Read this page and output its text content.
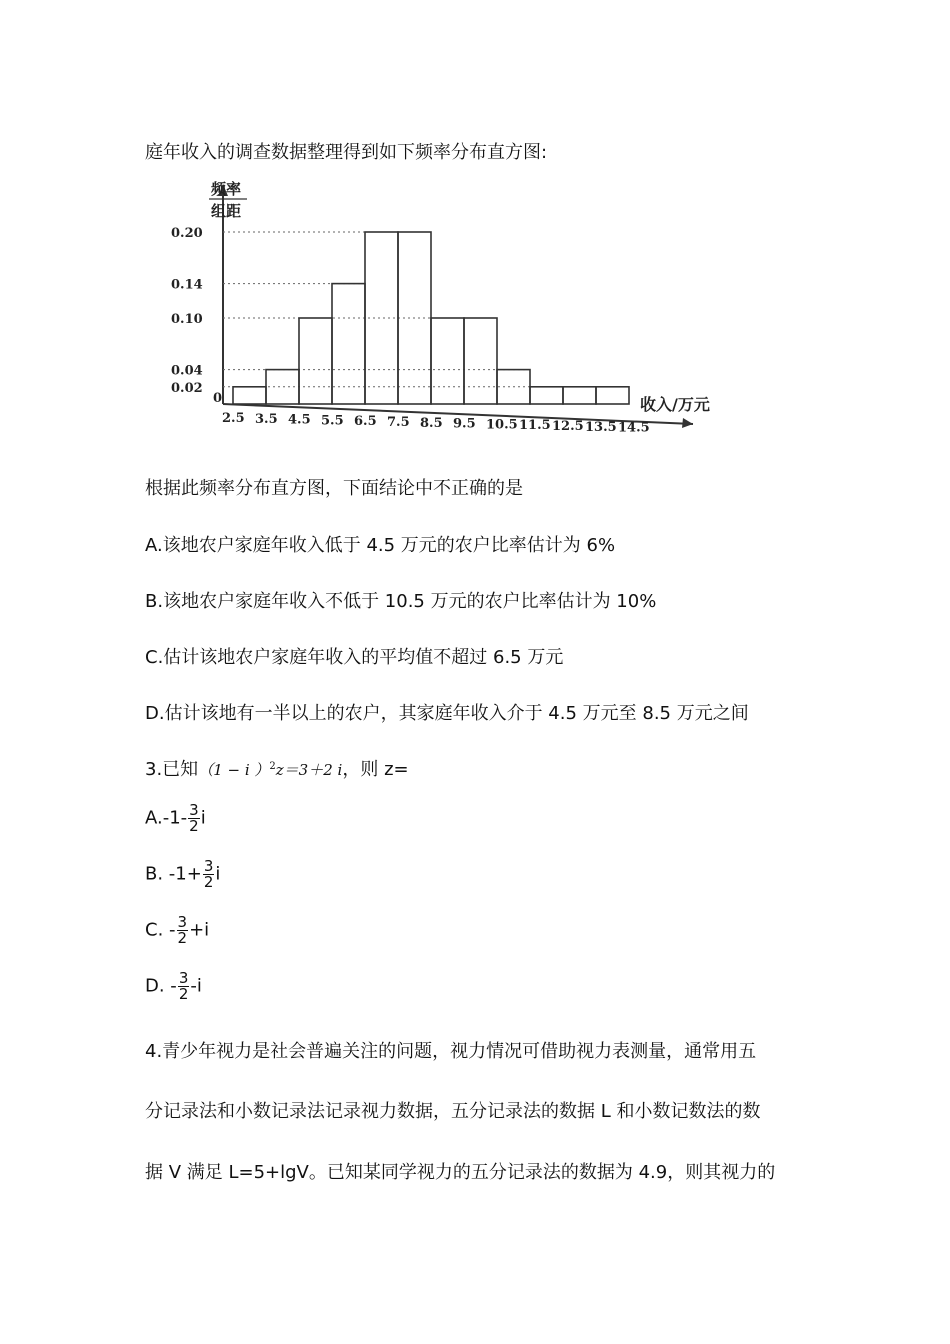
庭年收入的调查数据整理得到如下频率分布直方图:
频率
组距
0.20
0.14
0.10
0.04
0.02
2.5 3.5 4.5 5.5 6.5 7.5 8.5 9.5 10.5 11.5 12.5 13.5 14.5
0	收入/万元
根据此频率分布直方图，下面结论中不正确的是
A.该地农户家庭年收入低于 4.5 万元的农户比率估计为 6%
B.该地农户家庭年收入不低于 10.5 万元的农户比率估计为 10%
C.估计该地农户家庭年收入的平均值不超过 6.5 万元
D.估计该地有一半以上的农户，其家庭年收入介于 4.5 万元至 8.5 万元之间
3.已知（1 − i ）$^2$z＝3＋2 i，则 z=
$A.-1- \frac{3}{2}$ i
B. $-1+ \frac{3}{2}$ i
C. - $\frac{3}{2} +i$
D. - $\frac{3}{2} -i$
4.青少年视力是社会普遍关注的问题，视力情况可借助视力表测量，通常用五
分记录法和小数记录法记录视力数据，五分记录法的数据 L 和小数记数法的数
据 V 满足 L=5+lgV。已知某同学视力的五分记录法的数据为 4.9，则其视力的
